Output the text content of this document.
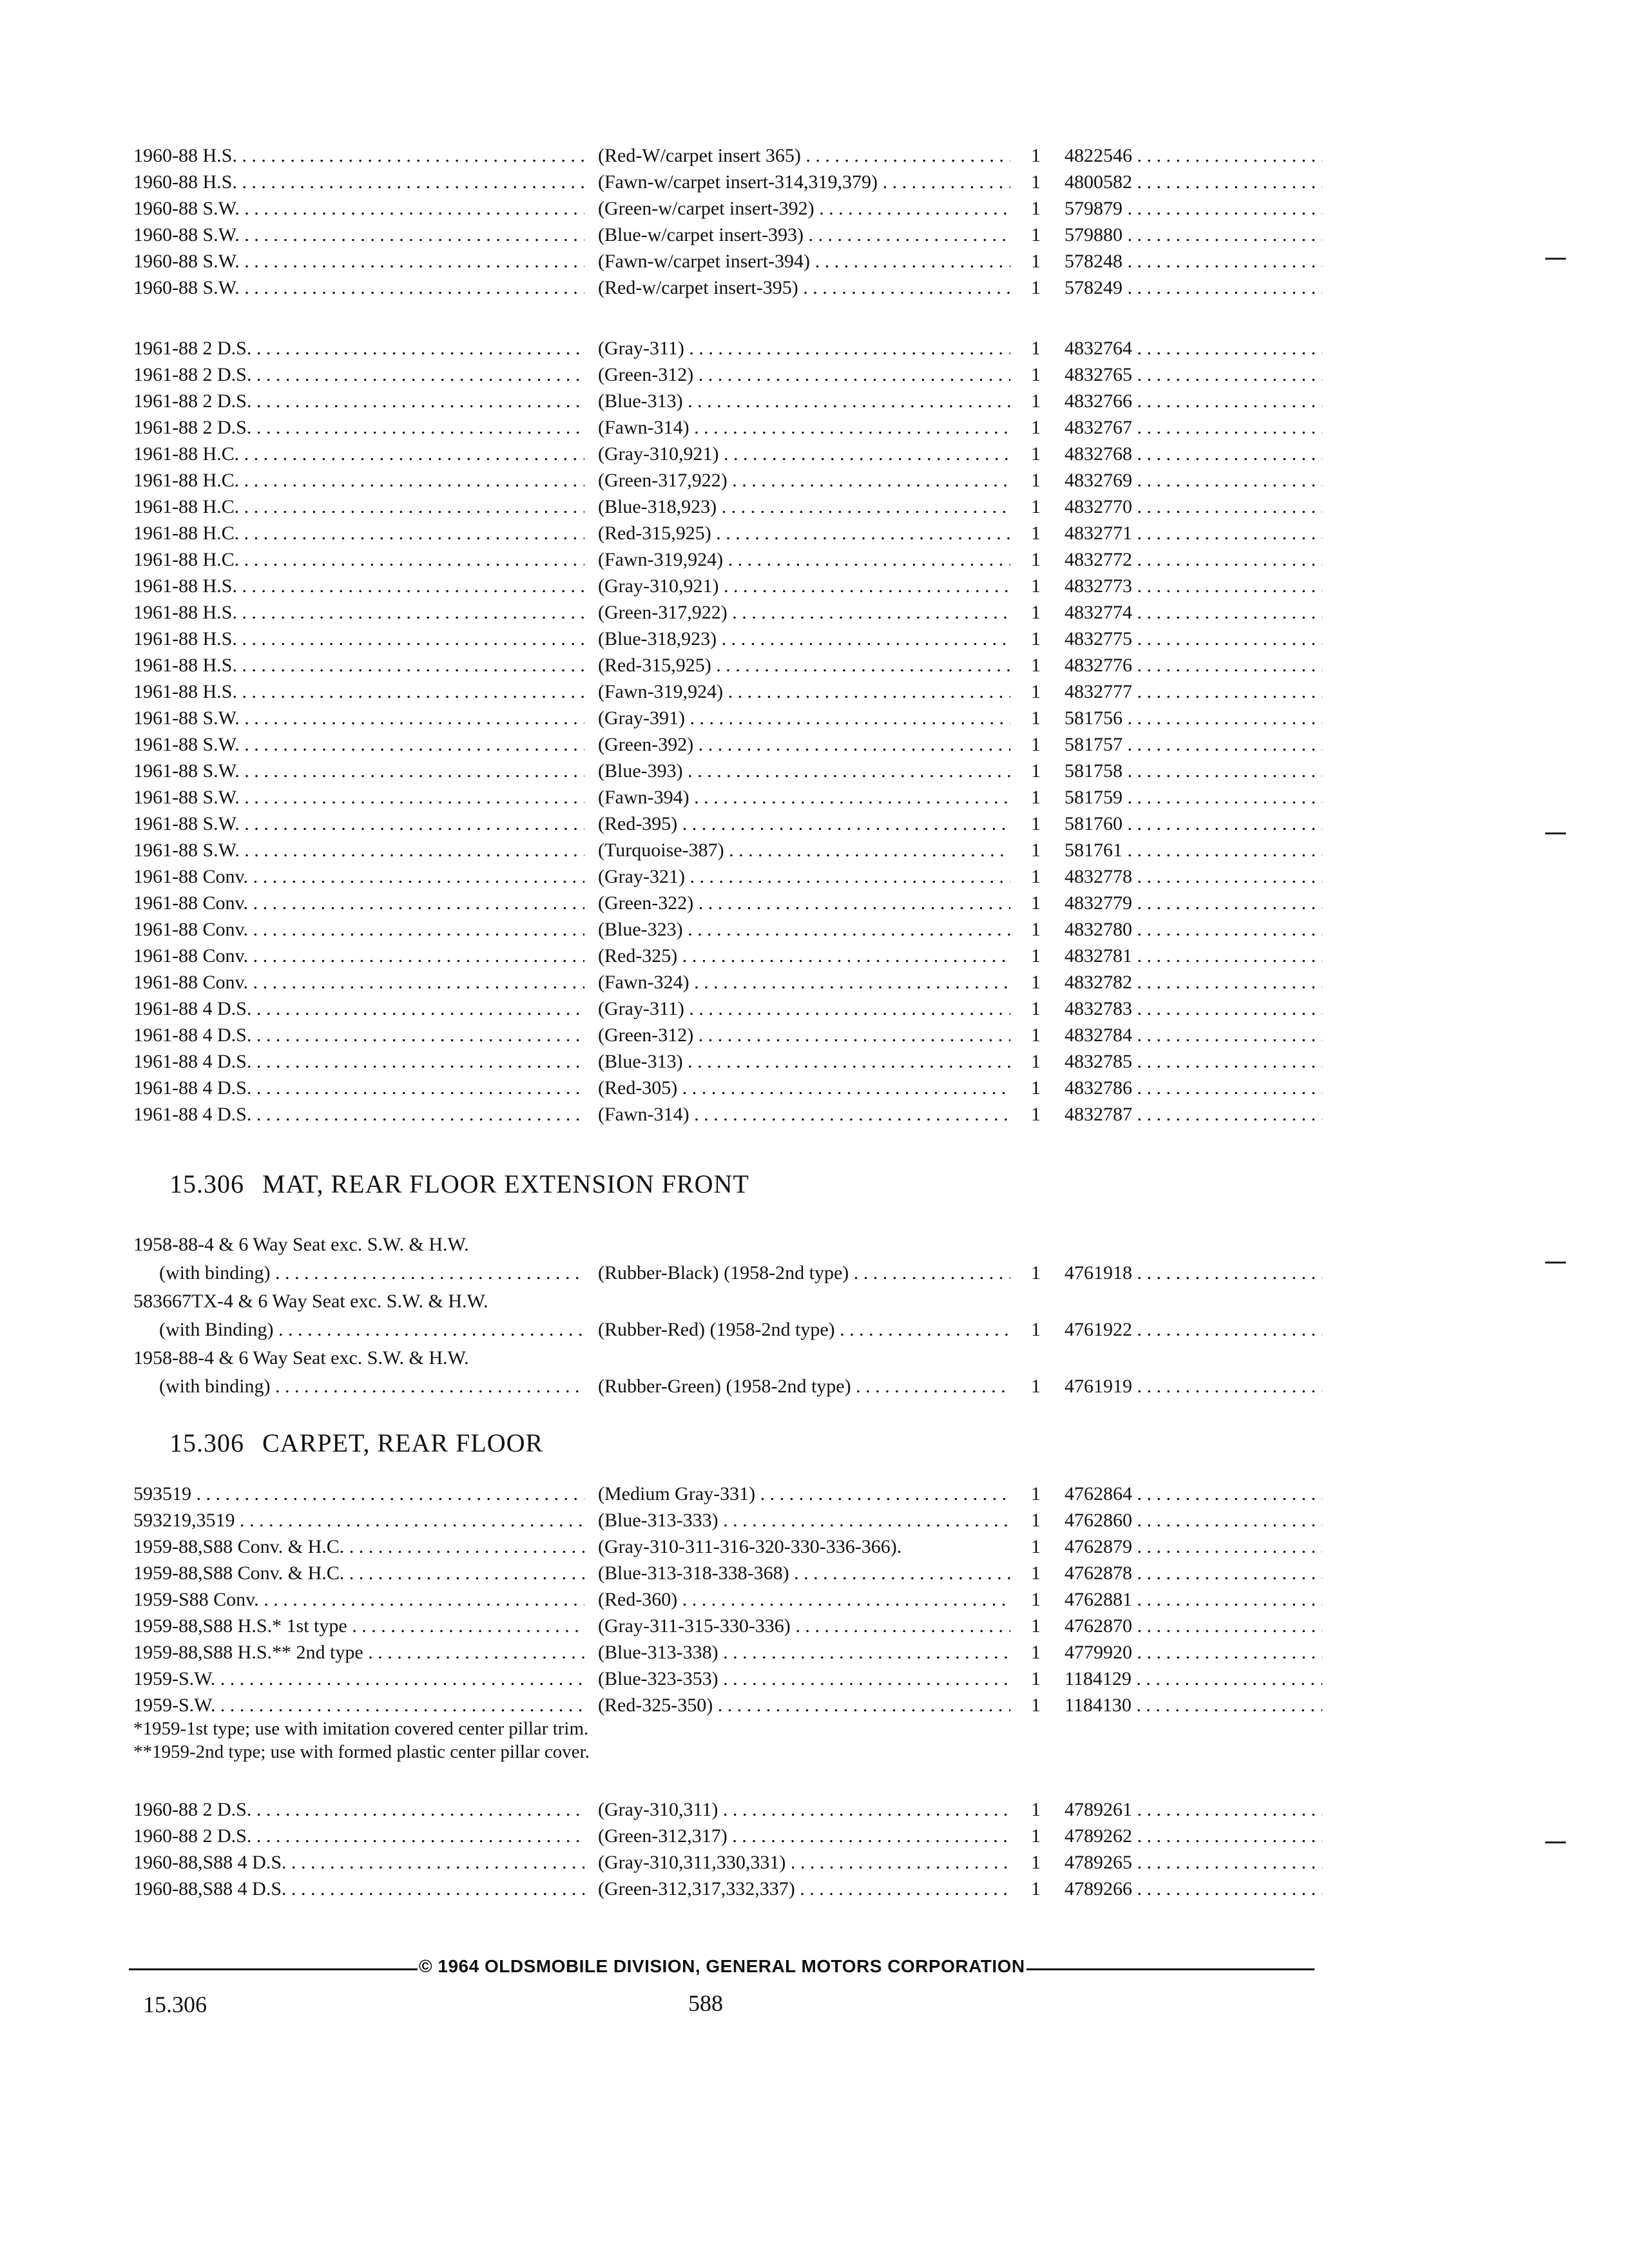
1960-88 H.S. . . .	(Red-W/carpet insert 365) . . .	1	4822546 . . .
1960-88 H.S. . . .	(Fawn-w/carpet insert-314,319,379) . . .	1	4800582 . . .
1960-88 S.W. . . .	(Green-w/carpet insert-392) . . .	1	579879 . . .
1960-88 S.W. . . .	(Blue-w/carpet insert-393) . . .	1	579880 . . .
1960-88 S.W. . . .	(Fawn-w/carpet insert-394) . . .	1	578248 . . .
1960-88 S.W. . . .	(Red-w/carpet insert-395) . . .	1	578249 . . .
1961-88 2 D.S. . . .	(Gray-311) . . .	1	4832764 . . .
1961-88 2 D.S. . . .	(Green-312) . . .	1	4832765 . . .
1961-88 2 D.S. . . .	(Blue-313) . . .	1	4832766 . . .
1961-88 2 D.S. . . .	(Fawn-314) . . .	1	4832767 . . .
1961-88 H.C. . . .	(Gray-310,921) . . .	1	4832768 . . .
1961-88 H.C. . . .	(Green-317,922) . . .	1	4832769 . . .
1961-88 H.C. . . .	(Blue-318,923) . . .	1	4832770 . . .
1961-88 H.C. . . .	(Red-315,925) . . .	1	4832771 . . .
1961-88 H.C. . . .	(Fawn-319,924) . . .	1	4832772 . . .
1961-88 H.S. . . .	(Gray-310,921) . . .	1	4832773 . . .
1961-88 H.S. . . .	(Green-317,922) . . .	1	4832774 . . .
1961-88 H.S. . . .	(Blue-318,923) . . .	1	4832775 . . .
1961-88 H.S. . . .	(Red-315,925) . . .	1	4832776 . . .
1961-88 H.S. . . .	(Fawn-319,924) . . .	1	4832777 . . .
1961-88 S.W. . . .	(Gray-391) . . .	1	581756 . . .
1961-88 S.W. . . .	(Green-392) . . .	1	581757 . . .
1961-88 S.W. . . .	(Blue-393) . . .	1	581758 . . .
1961-88 S.W. . . .	(Fawn-394) . . .	1	581759 . . .
1961-88 S.W. . . .	(Red-395) . . .	1	581760 . . .
1961-88 S.W. . . .	(Turquoise-387) . . .	1	581761 . . .
1961-88 Conv. . . .	(Gray-321) . . .	1	4832778 . . .
1961-88 Conv. . . .	(Green-322) . . .	1	4832779 . . .
1961-88 Conv. . . .	(Blue-323) . . .	1	4832780 . . .
1961-88 Conv. . . .	(Red-325) . . .	1	4832781 . . .
1961-88 Conv. . . .	(Fawn-324) . . .	1	4832782 . . .
1961-88 4 D.S. . . .	(Gray-311) . . .	1	4832783 . . .
1961-88 4 D.S. . . .	(Green-312) . . .	1	4832784 . . .
1961-88 4 D.S. . . .	(Blue-313) . . .	1	4832785 . . .
1961-88 4 D.S. . . .	(Red-305) . . .	1	4832786 . . .
1961-88 4 D.S. . . .	(Fawn-314) . . .	1	4832787 . . .
15.306 MAT, REAR FLOOR EXTENSION FRONT
1958-88-4 & 6 Way Seat exc. S.W. & H.W.
(with binding) . . .	(Rubber-Black) (1958-2nd type) . . .	1	4761918 . . .
583667TX-4 & 6 Way Seat exc. S.W. & H.W.
(with Binding) . . .	(Rubber-Red) (1958-2nd type) . . .	1	4761922 . . .
1958-88-4 & 6 Way Seat exc. S.W. & H.W.
(with binding) . . .	(Rubber-Green) (1958-2nd type) . . .	1	4761919 . . .
15.306 CARPET, REAR FLOOR
593519 . . .	(Medium Gray-331) . . .	1	4762864 . . .
593219,3519 . . .	(Blue-313-333) . . .	1	4762860 . . .
1959-88,S88 Conv. & H.C. . . .	(Gray-310-311-316-320-330-336-366).	1	4762879 . . .
1959-88,S88 Conv. & H.C. . . .	(Blue-313-318-338-368) . . .	1	4762878 . . .
1959-S88 Conv. . . .	(Red-360) . . .	1	4762881 . . .
1959-88,S88 H.S.* 1st type . . .	(Gray-311-315-330-336) . . .	1	4762870 . . .
1959-88,S88 H.S.** 2nd type . . .	(Blue-313-338) . . .	1	4779920 . . .
1959-S.W. . . .	(Blue-323-353) . . .	1	1184129 . . .
1959-S.W. . . .	(Red-325-350) . . .	1	1184130 . . .
*1959-1st type; use with imitation covered center pillar trim.
**1959-2nd type; use with formed plastic center pillar cover.
1960-88 2 D.S. . . .	(Gray-310,311) . . .	1	4789261 . . .
1960-88 2 D.S. . . .	(Green-312,317) . . .	1	4789262 . . .
1960-88,S88 4 D.S. . . .	(Gray-310,311,330,331) . . .	1	4789265 . . .
1960-88,S88 4 D.S. . . .	(Green-312,317,332,337) . . .	1	4789266 . . .
© 1964 OLDSMOBILE DIVISION, GENERAL MOTORS CORPORATION
15.306	588
